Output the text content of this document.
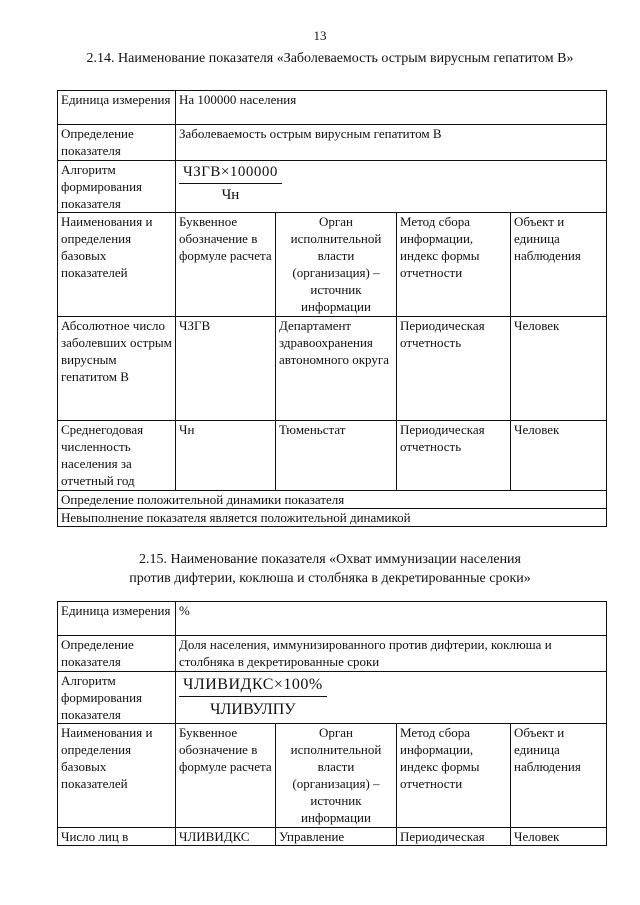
13
2.14. Наименование показателя «Заболеваемость острым вирусным гепатитом В»
Единица измерения	На 100000 населения			
Определение показателя	Заболеваемость острым вирусным гепатитом В			
Алгоритм формирования показателя	$\frac{\text{ЧЗГВ×100000}}{Чн}$

Наименования и определения базовых показателей	Буквенное обозначение в формуле расчета	Орган исполнительной власти (организация) – источник информации	Метод сбора информации, индекс формы отчетности	Объект и единица наблюдения
Абсолютное число заболевших острым вирусным гепатитом В	ЧЗГВ	Департамент здравоохранения автономного округа	Периодическая отчетность	Человек
Среднегодовая численность населения за отчетный год	Чн	Тюменьстат	Периодическая отчетность	Человек
Определение положительной динамики показателя				
Невыполнение показателя является положительной динамикой				
2.15. Наименование показателя «Охват иммунизации населения
против дифтерии, коклюша и столбняка в декретированные сроки»
Единица измерения	%			
Определение показателя	Доля населения, иммунизированного против дифтерии, коклюша и столбняка в декретированные сроки			
Алгоритм формирования показателя	$\frac{\text{ЧЛИВИДКС×100\%}}{\text{ЧЛИВУЛПУ}}$

Наименования и определения базовых показателей	Буквенное обозначение в формуле расчета	Орган исполнительной власти (организация) – источник информации	Метод сбора информации, индекс формы отчетности	Объект и единица наблюдения
Число лиц в	ЧЛИВИДКС	Управление	Периодическая	Человек
